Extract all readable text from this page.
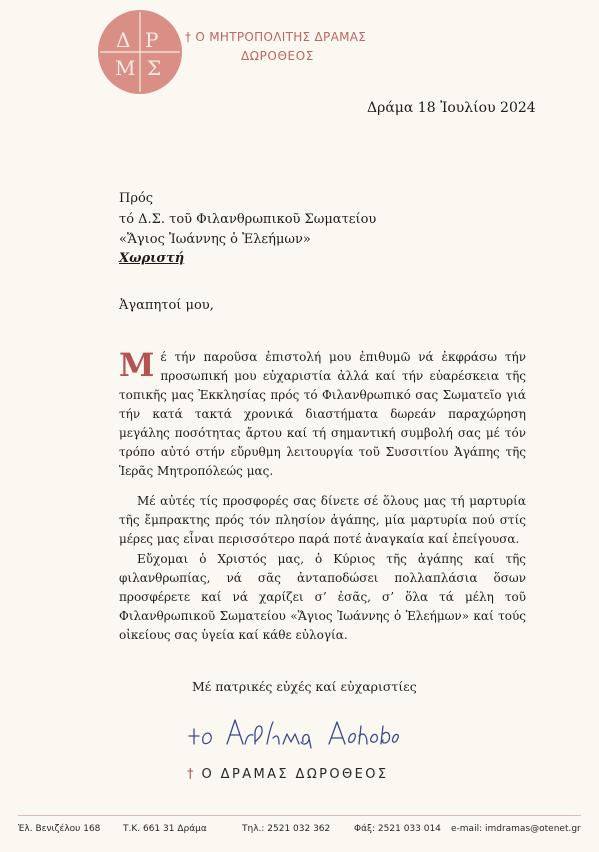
Δ Ρ
Μ Σ
† Ο ΜΗΤΡΟΠΟΛΙΤΗΣ ΔΡΑΜΑΣ
ΔΩΡΟΘΕΟΣ
Δράμα 18 Ἰουλίου 2024
Πρός
τό Δ.Σ. τοῦ Φιλανθρωπικοῦ Σωματείου
«Ἅγιος Ἰωάννης ὁ Ἐλεήμων»
Χωριστή
Ἀγαπητοί μου,
Μέ τήν παροῦσα ἐπιστολή μου ἐπιθυμῶ νά ἐκφράσω τήν προσωπική μου εὐχαριστία ἀλλά καί τήν εὐαρέσκεια τῆς τοπικῆς μας Ἐκκλησίας πρός τό Φιλανθρωπικό σας Σωματεῖο γιά τήν κατά τακτά χρονικά διαστήματα δωρεάν παραχώρηση μεγάλης ποσότητας ἄρτου καί τή σημαντική συμβολή σας μέ τόν τρόπο αὐτό στήν εὔρυθμη λειτουργία τοῦ Συσσιτίου Ἀγάπης τῆς Ἱερᾶς Μητροπόλεώς μας.
Μέ αὐτές τίς προσφορές σας δίνετε σέ ὅλους μας τή μαρτυρία τῆς ἔμπρακτης πρός τόν πλησίον ἀγάπης, μία μαρτυρία πού στίς μέρες μας εἶναι περισσότερο παρά ποτέ ἀναγκαία καί ἐπείγουσα.
Εὔχομαι ὁ Χριστός μας, ὁ Κύριος τῆς ἀγάπης καί τῆς φιλανθρωπίας, νά σᾶς ἀνταποδώσει πολλαπλάσια ὅσων προσφέρετε καί νά χαρίζει σ’ ἐσᾶς, σ’ ὅλα τά μέλη τοῦ Φιλανθρωπικοῦ Σωματείου «Ἅγιος Ἰωάννης ὁ Ἐλεήμων» καί τούς οἰκείους σας ὑγεία καί κάθε εὐλογία.
Μέ πατρικές εὐχές καί εὐχαριστίες
† Ο ΔΡΑΜΑΣ ΔΩΡΟΘΕΟΣ
Ἐλ. Βενιζέλου 168	Τ.Κ. 661 31 Δράμα	Τηλ.: 2521 032 362	Φάξ: 2521 033 014 e-mail: imdramas@otenet.gr
